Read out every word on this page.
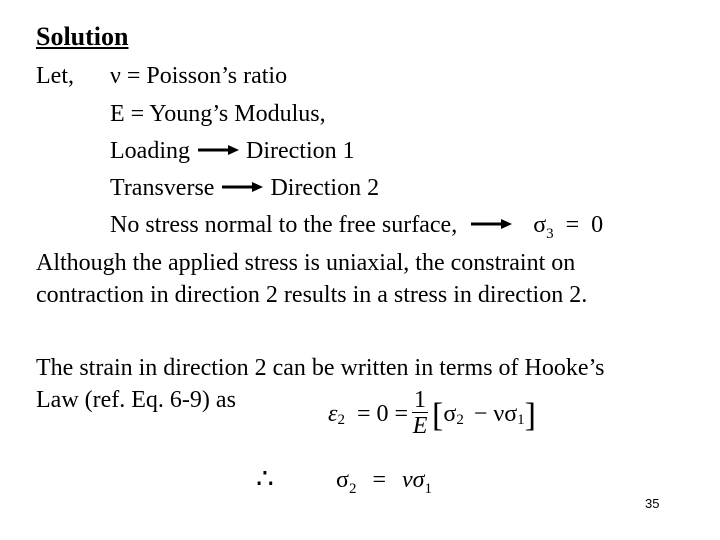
Solution
Let, ν = Poisson’s ratio
E = Young’s Modulus,
Loading Direction 1
Transverse Direction 2
No stress normal to the free surface,	$\sigma_3 = 0$
Although the applied stress is uniaxial, the constraint on
contraction in direction 2 results in a stress in direction 2.
The strain in direction 2 can be written in terms of Hooke’s
Law (ref. Eq. 6-9) as
ε $2 = 0 = \frac{1}{E}$ [ σ 2 − νσ 1 ]
∴	$\sigma_2 = \nu\sigma_1$
35
